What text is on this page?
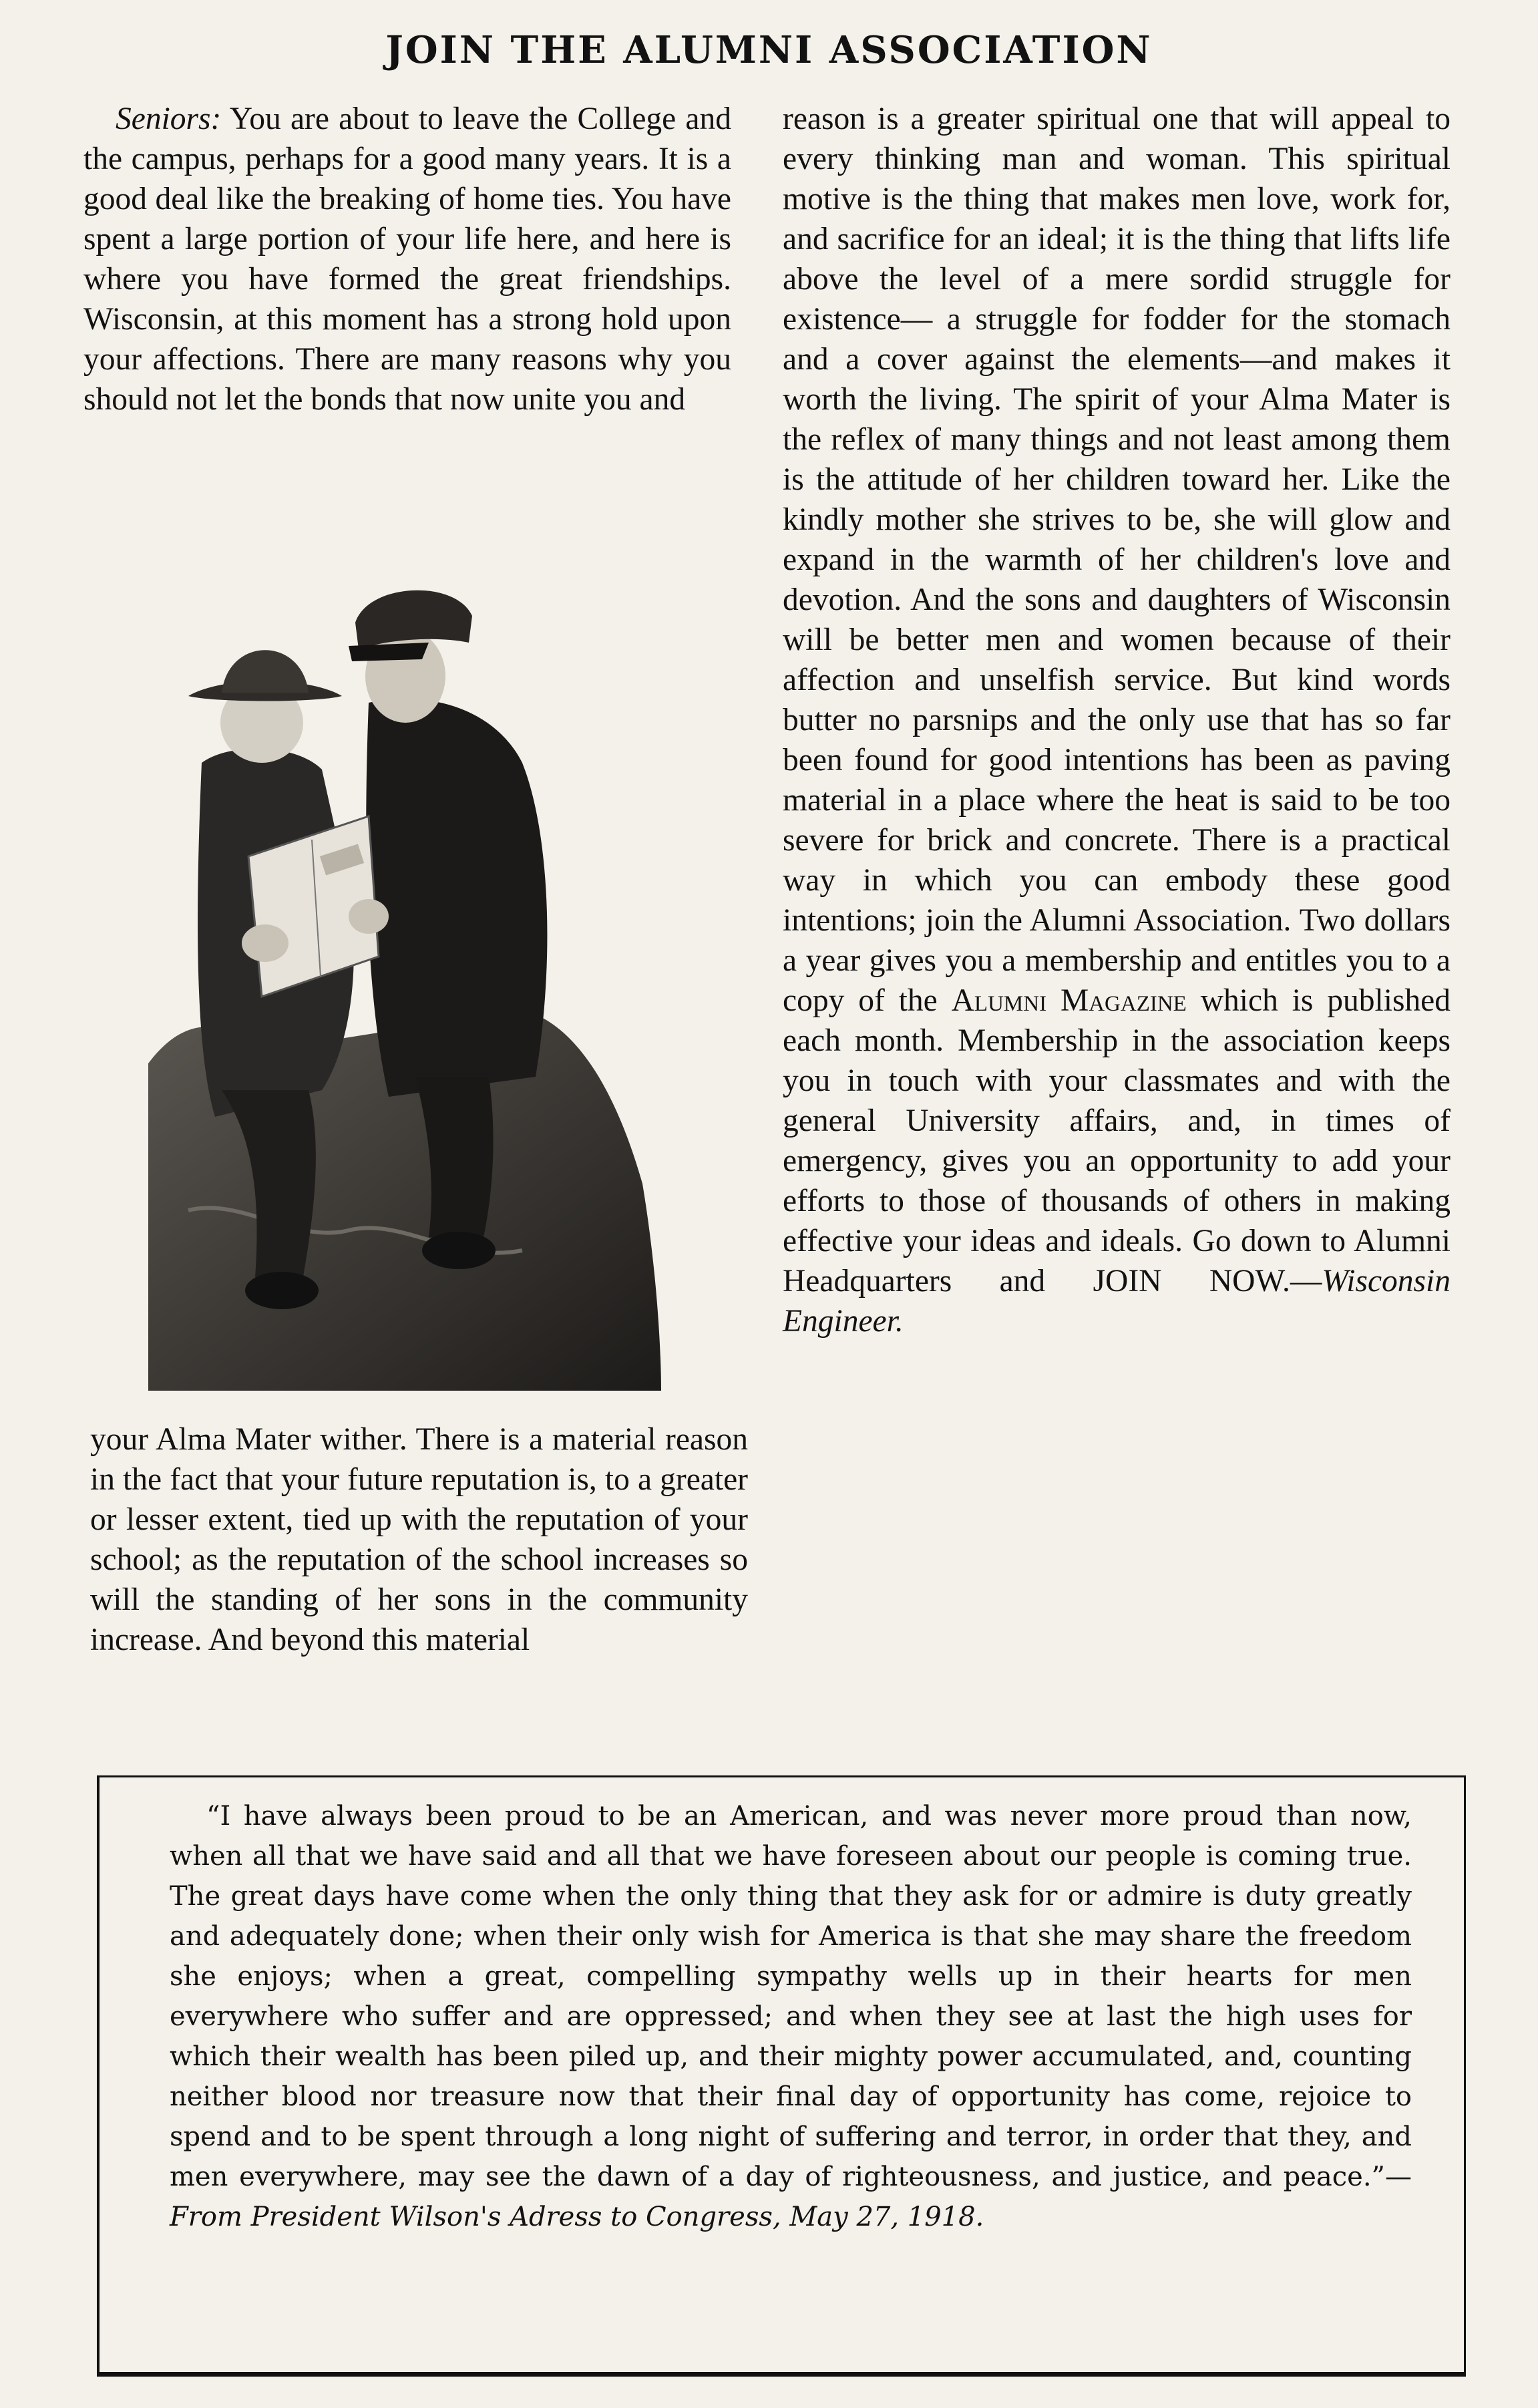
JOIN THE ALUMNI ASSOCIATION

Seniors: You are about to leave the College and the campus, perhaps for a good many years. It is a good deal like the breaking of home ties. You have spent a large portion of your life here, and here is where you have formed the great friendships. Wisconsin, at this moment has a strong hold upon your affections. There are many reasons why you should not let the bonds that now unite you and

your Alma Mater wither. There is a material reason in the fact that your future reputation is, to a greater or lesser extent, tied up with the reputation of your school; as the reputation of the school increases so will the standing of her sons in the community increase. And beyond this material

reason is a greater spiritual one that will appeal to every thinking man and woman. This spiritual motive is the thing that makes men love, work for, and sacrifice for an ideal; it is the thing that lifts life above the level of a mere sordid struggle for existence— a struggle for fodder for the stomach and a cover against the elements—and makes it worth the living. The spirit of your Alma Mater is the reflex of many things and not least among them is the attitude of her children toward her. Like the kindly mother she strives to be, she will glow and expand in the warmth of her children's love and devotion. And the sons and daughters of Wisconsin will be better men and women because of their affection and unselfish service. But kind words butter no parsnips and the only use that has so far been found for good intentions has been as paving material in a place where the heat is said to be too severe for brick and concrete. There is a practical way in which you can embody these good intentions; join the Alumni Association. Two dollars a year gives you a membership and entitles you to a copy of the Alumni Magazine which is published each month. Membership in the association keeps you in touch with your classmates and with the general University affairs, and, in times of emergency, gives you an opportunity to add your efforts to those of thousands of others in making effective your ideas and ideals. Go down to Alumni Headquarters and JOIN NOW.—Wisconsin Engineer.

“I have always been proud to be an American, and was never more proud than now, when all that we have said and all that we have foreseen about our people is coming true. The great days have come when the only thing that they ask for or admire is duty greatly and adequately done; when their only wish for America is that she may share the freedom she enjoys; when a great, compelling sympathy wells up in their hearts for men everywhere who suffer and are oppressed; and when they see at last the high uses for which their wealth has been piled up, and their mighty power accumulated, and, counting neither blood nor treasure now that their final day of opportunity has come, rejoice to spend and to be spent through a long night of suffering and terror, in order that they, and men everywhere, may see the dawn of a day of righteousness, and justice, and peace.”—From President Wilson's Adress to Congress, May 27, 1918.
